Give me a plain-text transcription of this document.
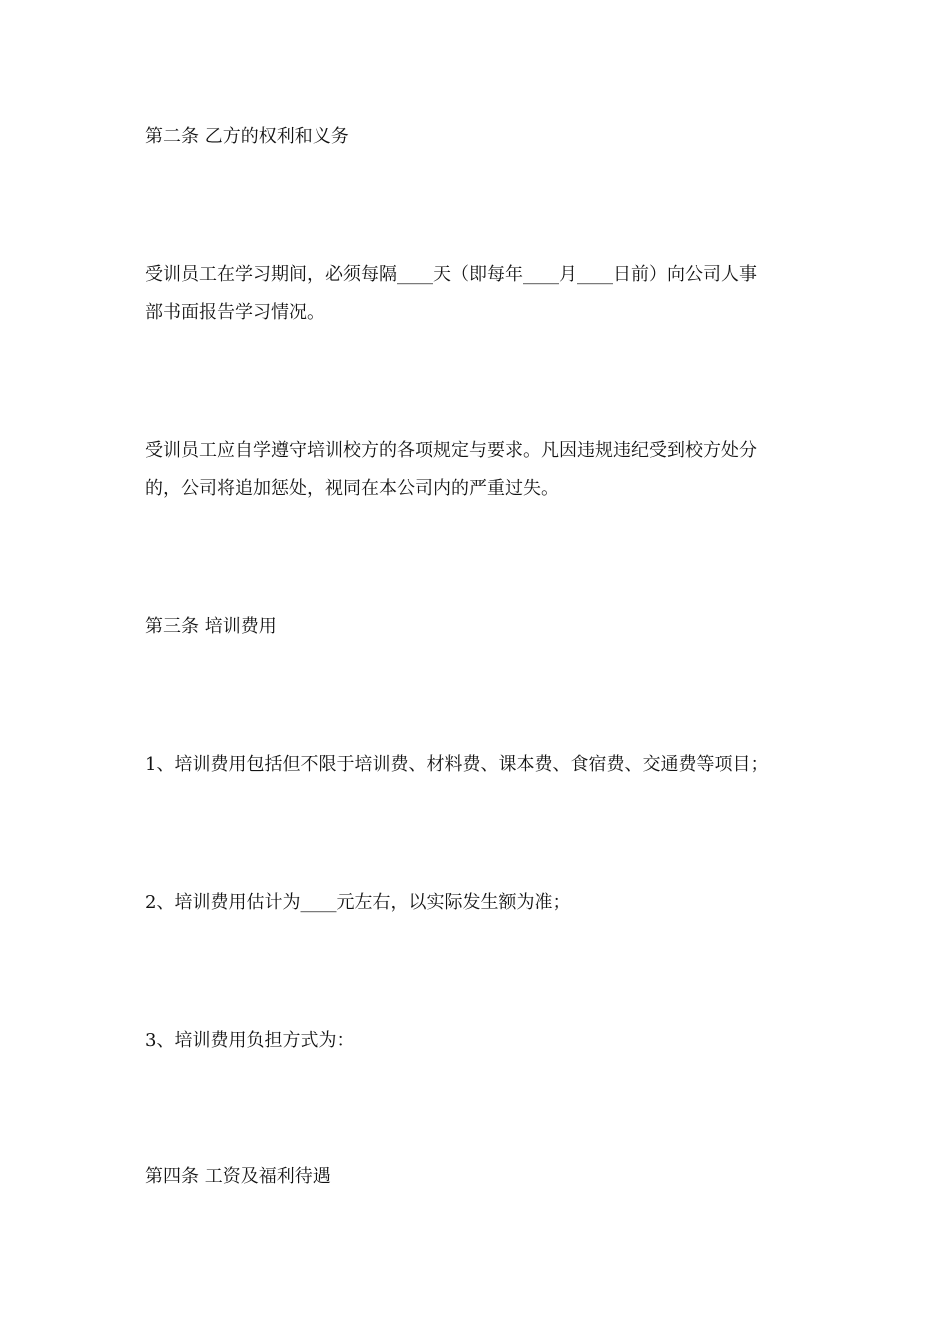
第二条 乙方的权利和义务

受训员工在学习期间，必须每隔____天（即每年____月____日前）向公司人事

部书面报告学习情况。

受训员工应自学遵守培训校方的各项规定与要求。凡因违规违纪受到校方处分

的，公司将追加惩处，视同在本公司内的严重过失。

第三条 培训费用

1、培训费用包括但不限于培训费、材料费、课本费、食宿费、交通费等项目；

2、培训费用估计为____元左右，以实际发生额为准；

3、培训费用负担方式为：

第四条 工资及福利待遇
